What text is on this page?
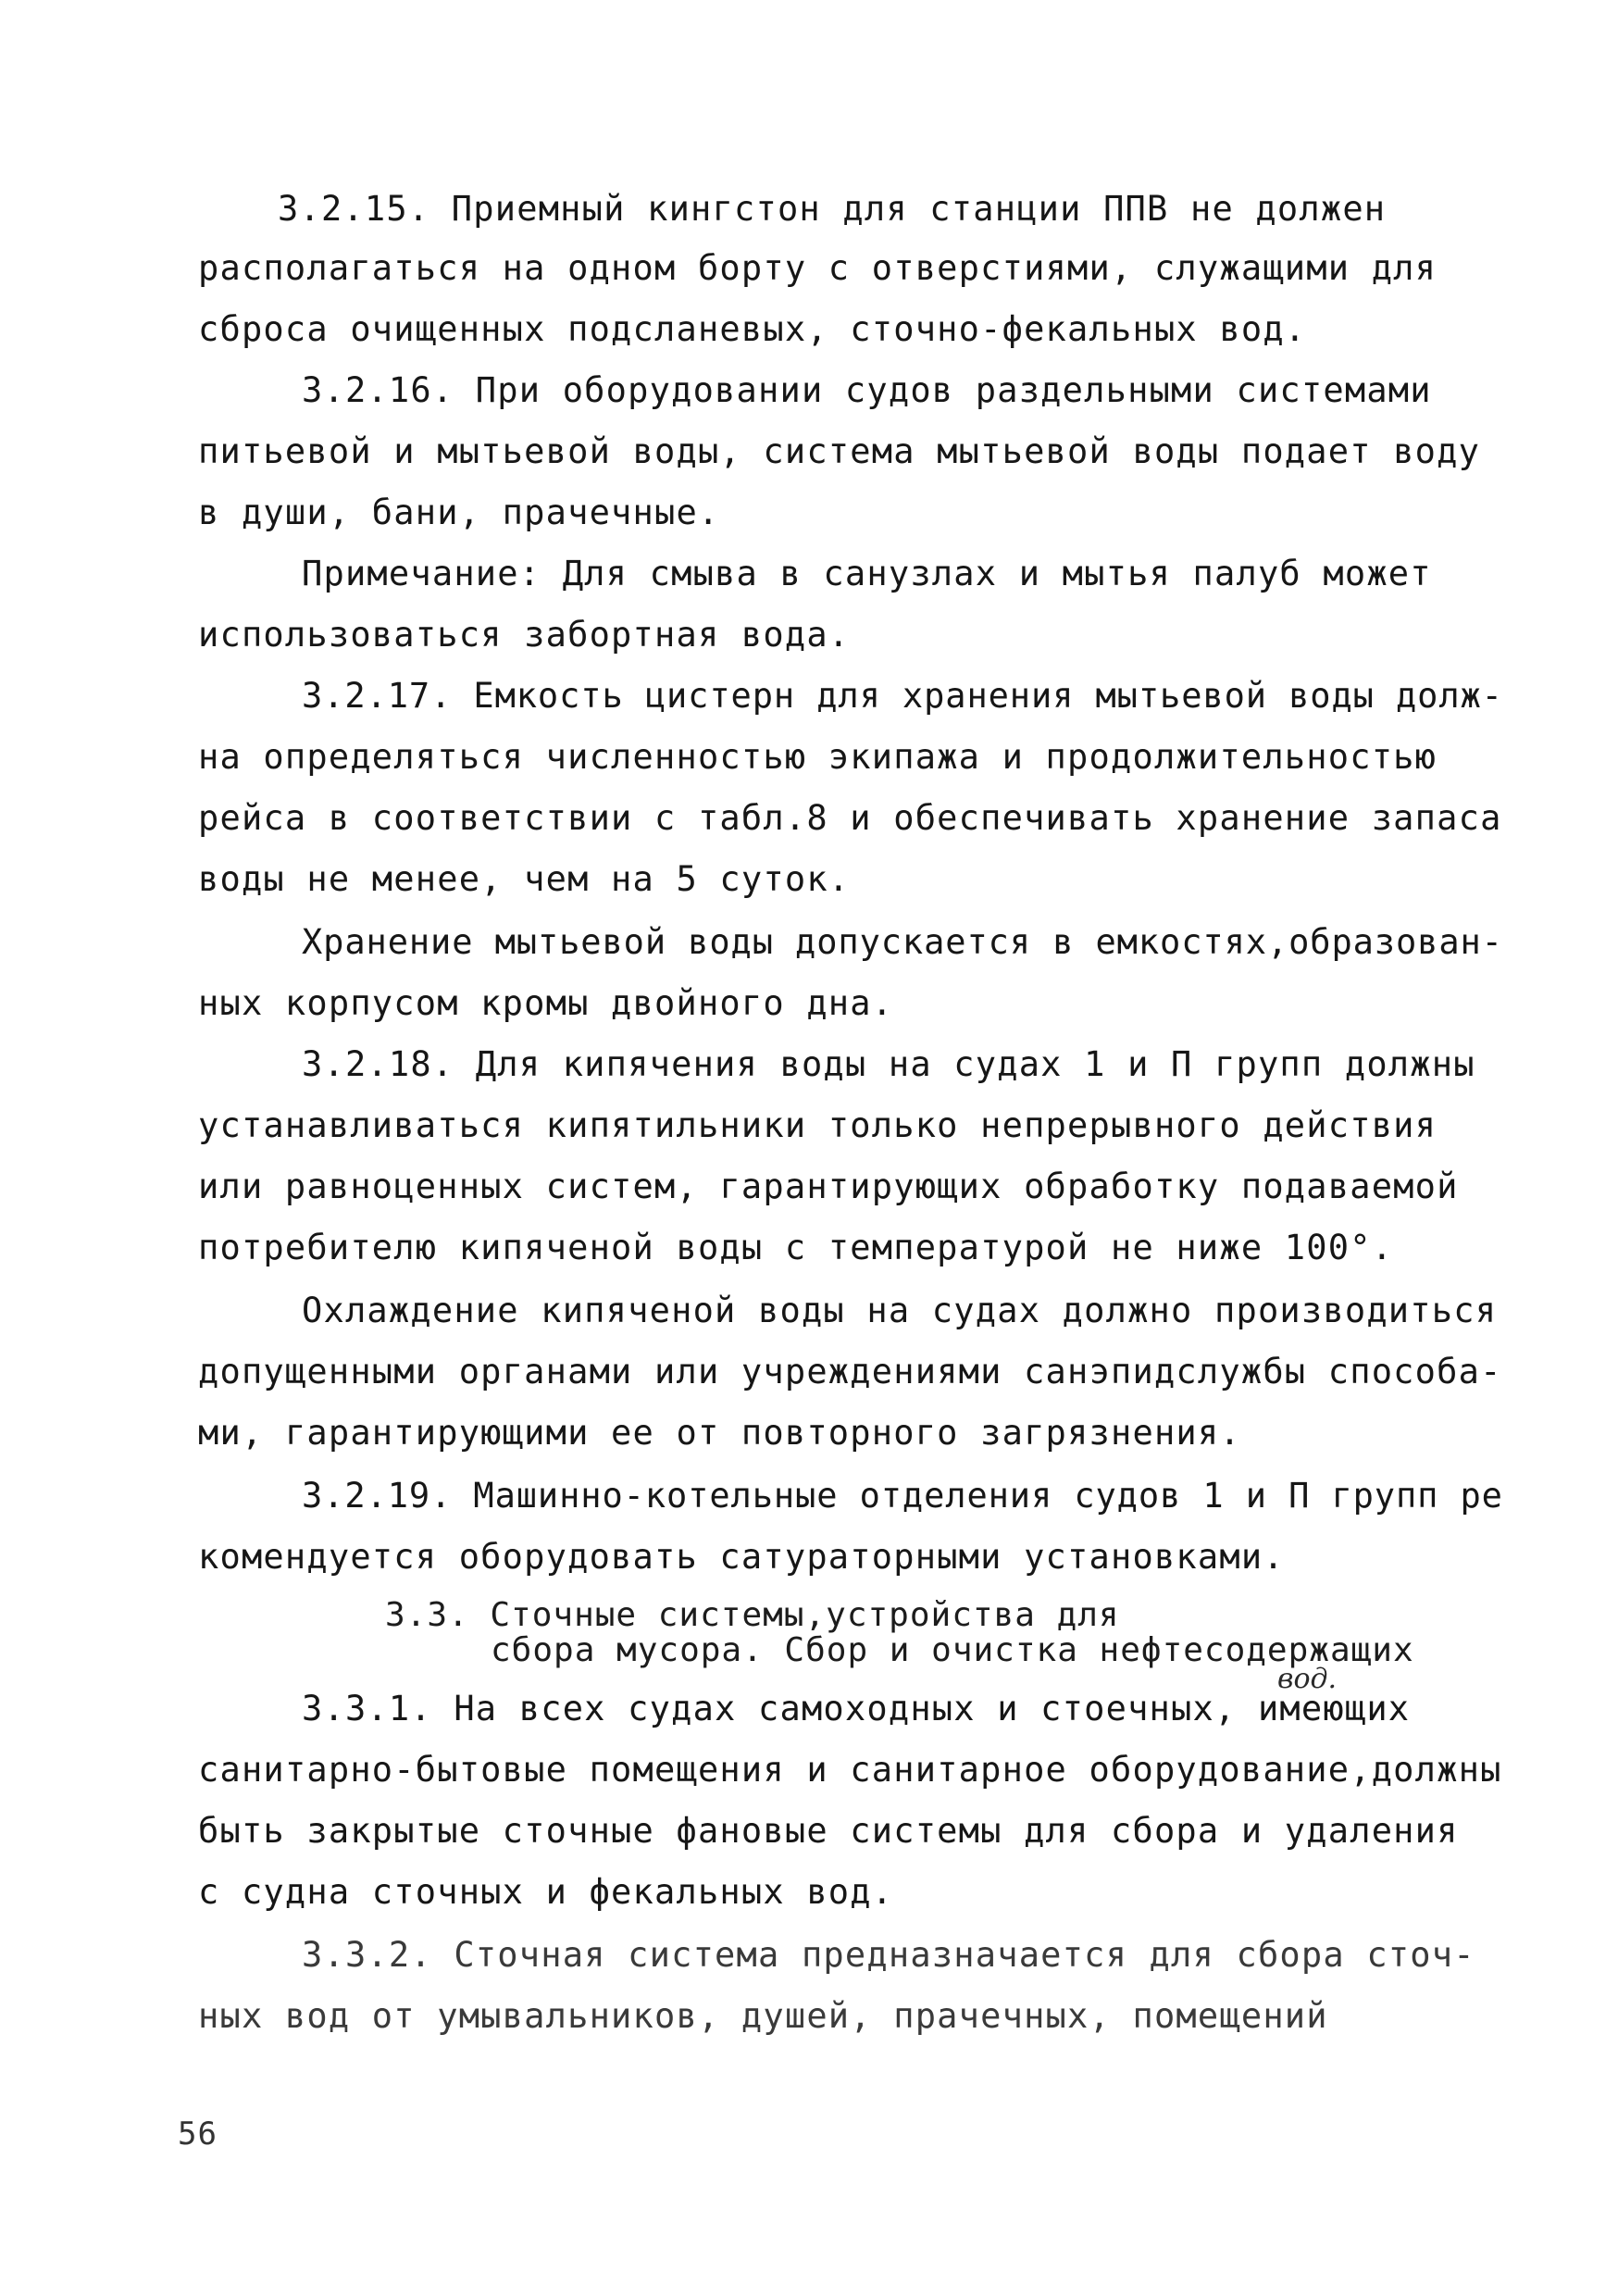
3.2.15. Приемный кингстон для станции ППВ не должен
располагаться на одном борту с отверстиями, служащими для
сброса очищенных подсланевых, сточно-фекальных вод.
3.2.16. При оборудовании судов раздельными системами
питьевой и мытьевой воды, система мытьевой воды подает воду
в души, бани, прачечные.
Примечание: Для смыва в санузлах и мытья палуб может
использоваться забортная вода.
3.2.17. Емкость цистерн для хранения мытьевой воды долж-
на определяться численностью экипажа и продолжительностью
рейса в соответствии с табл.8 и обеспечивать хранение запаса
воды не менее, чем на 5 суток.
Хранение мытьевой воды допускается в емкостях,образован-
ных корпусом кромы двойного дна.
3.2.18. Для кипячения воды на судах 1 и П групп должны
устанавливаться кипятильники только непрерывного действия
или равноценных систем, гарантирующих обработку подаваемой
потребителю кипяченой воды с температурой не ниже 100°.
Охлаждение кипяченой воды на судах должно производиться
допущенными органами или учреждениями санэпидслужбы способа-
ми, гарантирующими ее от повторного загрязнения.
3.2.19. Машинно-котельные отделения судов 1 и П групп ре
комендуется оборудовать сатураторными установками.
3.3. Сточные системы,устройства для
сбора мусора. Сбор и очистка нефтесодержащих
вод.
3.3.1. На всех судах самоходных и стоечных, имеющих
санитарно-бытовые помещения и санитарное оборудование,должны
быть закрытые сточные фановые системы для сбора и удаления
с судна сточных и фекальных вод.
3.3.2. Сточная система предназначается для сбора сточ-
ных вод от умывальников, душей, прачечных, помещений
56
